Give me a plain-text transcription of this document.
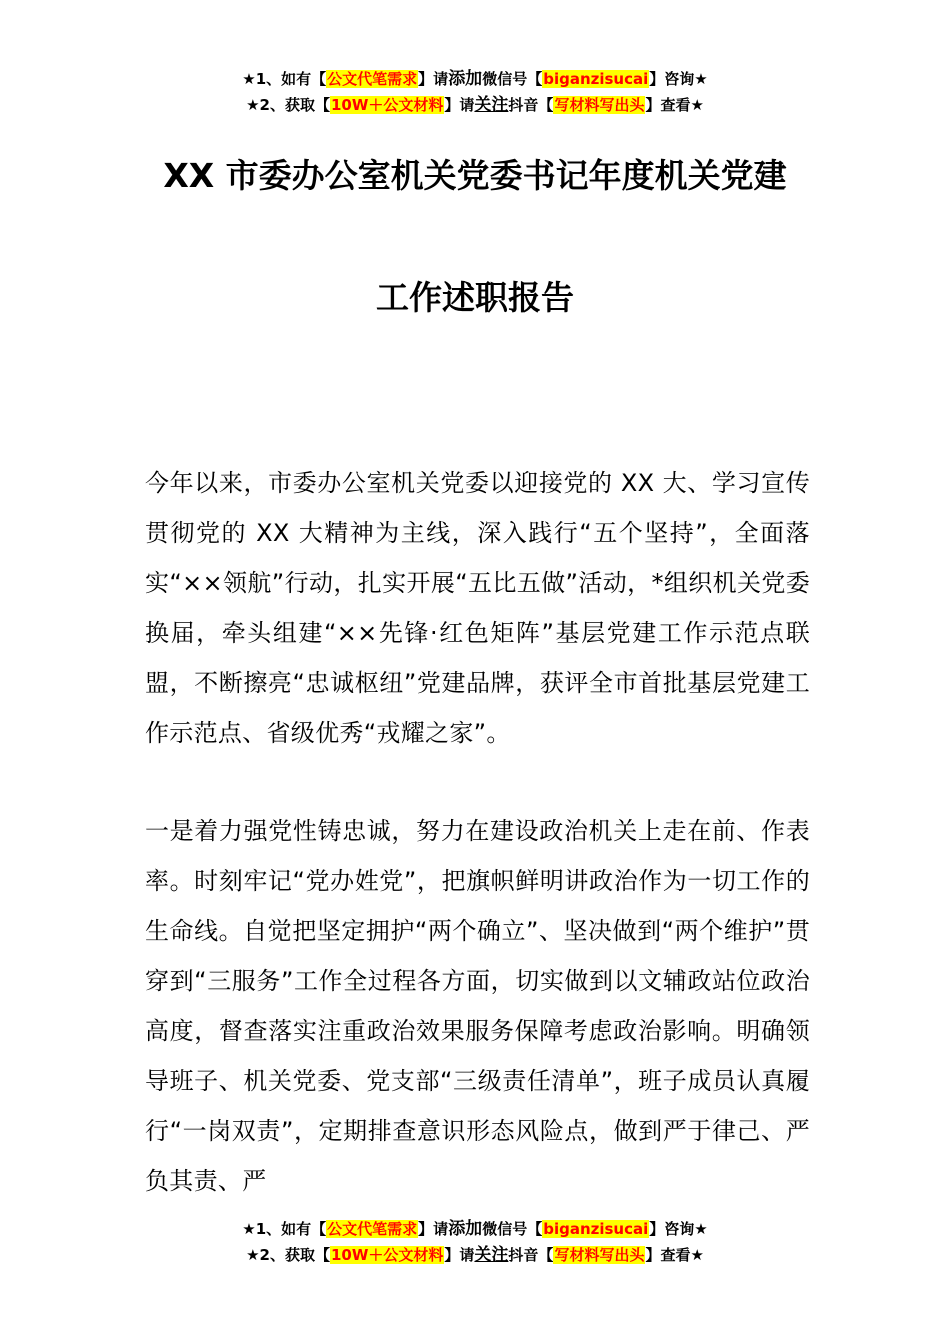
★1、如有【公文代笔需求】请添加微信号【biganzisucai】咨询★
★2、获取【10W＋公文材料】请关注抖音【写材料写出头】查看★
XX 市委办公室机关党委书记年度机关党建
工作述职报告

今年以来，市委办公室机关党委以迎接党的 XX 大、学习宣传贯彻党的 XX 大精神为主线，深入践行“五个坚持”，全面落实“××领航”行动，扎实开展“五比五做”活动，*组织机关党委换届，牵头组建“××先锋·红色矩阵”基层党建工作示范点联盟，不断擦亮“忠诚枢纽”党建品牌，获评全市首批基层党建工作示范点、省级优秀“戎耀之家”。

一是着力强党性铸忠诚，努力在建设政治机关上走在前、作表率。时刻牢记“党办姓党”，把旗帜鲜明讲政治作为一切工作的生命线。自觉把坚定拥护“两个确立”、坚决做到“两个维护”贯穿到“三服务”工作全过程各方面，切实做到以文辅政站位政治高度，督查落实注重政治效果服务保障考虑政治影响。明确领导班子、机关党委、党支部“三级责任清单”，班子成员认真履行“一岗双责”，定期排查意识形态风险点，做到严于律己、严负其责、严

★1、如有【公文代笔需求】请添加微信号【biganzisucai】咨询★
★2、获取【10W＋公文材料】请关注抖音【写材料写出头】查看★
